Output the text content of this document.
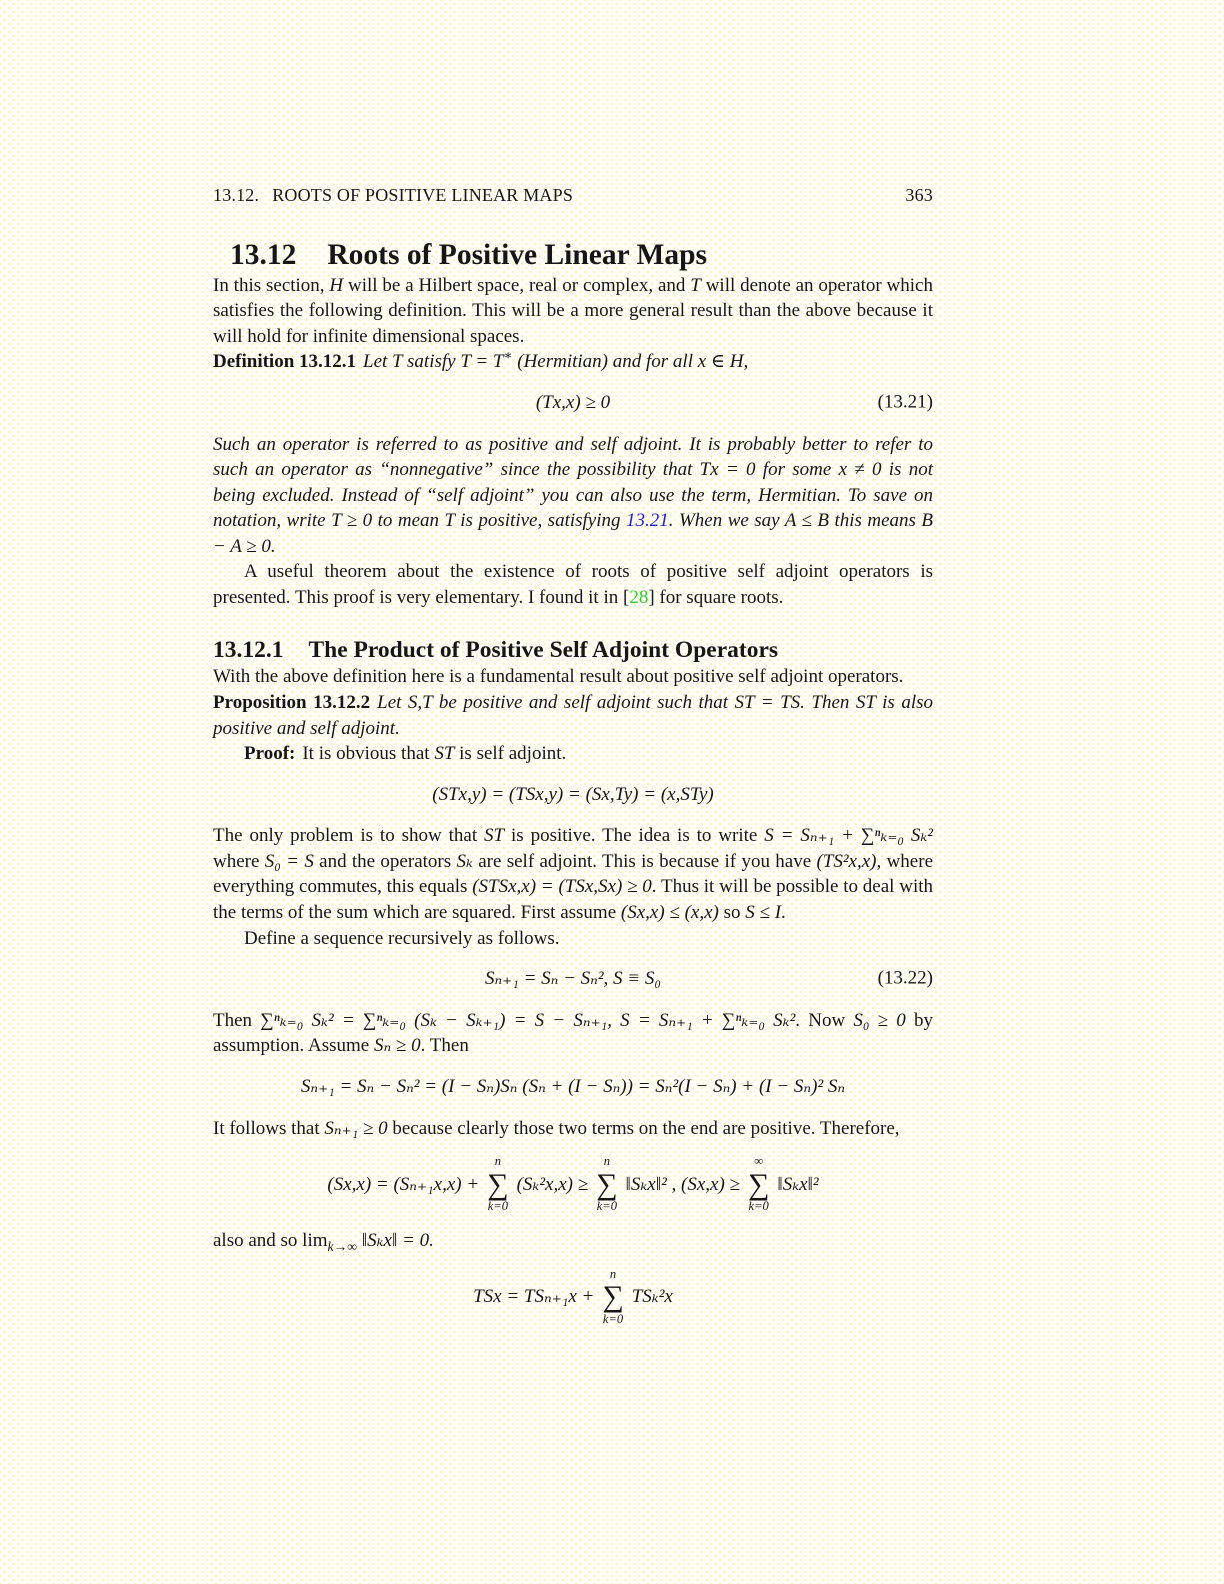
13.12. ROOTS OF POSITIVE LINEAR MAPS	363
13.12 Roots of Positive Linear Maps

In this section, H will be a Hilbert space, real or complex, and T will denote an operator which satisfies the following definition. This will be a more general result than the above because it will hold for infinite dimensional spaces.

Definition 13.12.1 Let T satisfy T = T∗ (Hermitian) and for all x ∈ H,

(Tx,x) ≥ 0	(13.21)

Such an operator is referred to as positive and self adjoint. It is probably better to refer to such an operator as “nonnegative” since the possibility that Tx = 0 for some x ≠ 0 is not being excluded. Instead of “self adjoint” you can also use the term, Hermitian. To save on notation, write T ≥ 0 to mean T is positive, satisfying 13.21. When we say A ≤ B this means B − A ≥ 0.

A useful theorem about the existence of roots of positive self adjoint operators is presented. This proof is very elementary. I found it in [28] for square roots.

13.12.1 The Product of Positive Self Adjoint Operators

With the above definition here is a fundamental result about positive self adjoint operators.

Proposition 13.12.2 Let S,T be positive and self adjoint such that ST = TS. Then ST is also positive and self adjoint.

Proof: It is obvious that ST is self adjoint.

(STx,y) = (TSx,y) = (Sx,Ty) = (x,STy)

The only problem is to show that ST is positive. The idea is to write S = Sₙ₊₁ + ∑ⁿₖ₌₀ Sₖ² where S₀ = S and the operators Sₖ are self adjoint. This is because if you have (TS²x,x), where everything commutes, this equals (STSx,x) = (TSx,Sx) ≥ 0. Thus it will be possible to deal with the terms of the sum which are squared. First assume (Sx,x) ≤ (x,x) so S ≤ I.

Define a sequence recursively as follows.

Sₙ₊₁ = Sₙ − Sₙ², S ≡ S₀	(13.22)

Then ∑ⁿₖ₌₀ Sₖ² = ∑ⁿₖ₌₀ (Sₖ − Sₖ₊₁) = S − Sₙ₊₁, S = Sₙ₊₁ + ∑ⁿₖ₌₀ Sₖ². Now S₀ ≥ 0 by assumption. Assume Sₙ ≥ 0. Then

Sₙ₊₁ = Sₙ − Sₙ² = (I − Sₙ)Sₙ (Sₙ + (I − Sₙ)) = Sₙ²(I − Sₙ) + (I − Sₙ)² Sₙ

It follows that Sₙ₊₁ ≥ 0 because clearly those two terms on the end are positive. Therefore,

(Sx,x) = (Sₙ₊₁x,x) +
n
∑
k=0
(Sₖ²x,x) ≥
n
∑
k=0
‖Sₖx‖² , (Sx,x) ≥
∞
∑
k=0
‖Sₖx‖²

also and so $\lim_{k\to\infty}$ ‖Sₖx‖ = 0.

TSx = TSₙ₊₁x +
n
∑
k=0
TSₖ²x
